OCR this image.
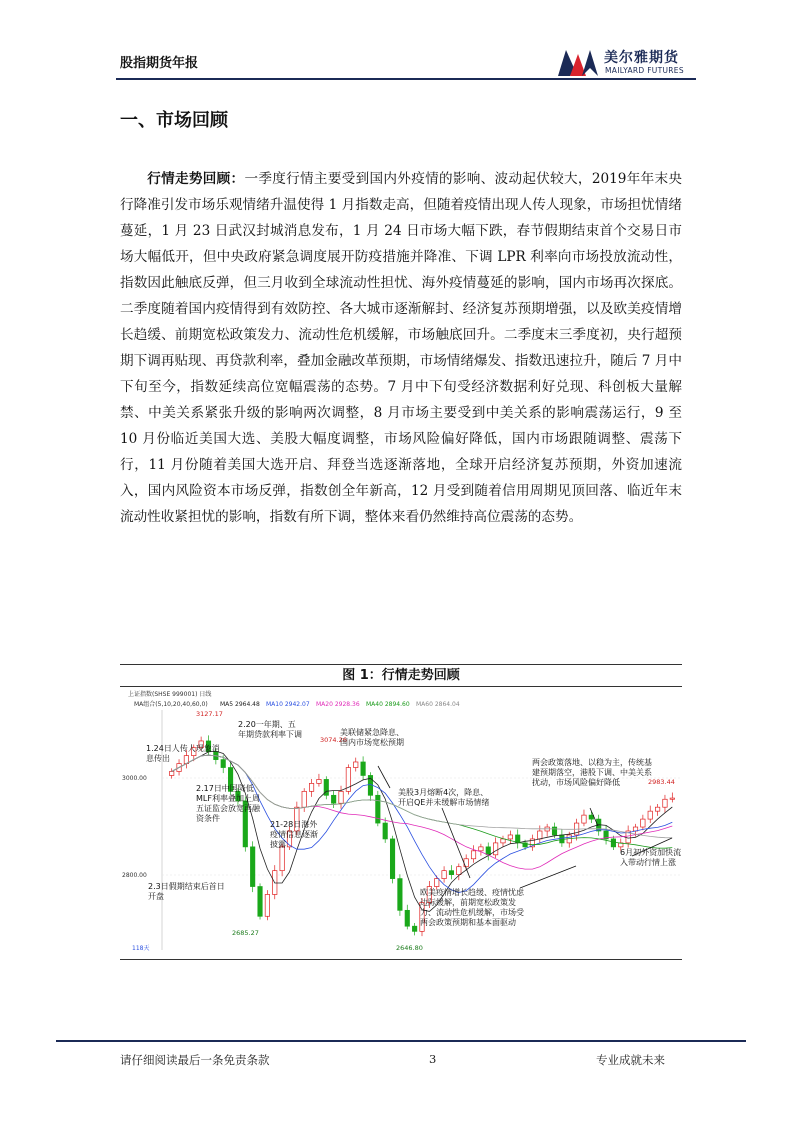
股指期货年报	美尔雅期货
MAILYARD FUTURES
一、市场回顾
行情走势回顾：一季度行情主要受到国内外疫情的影响、波动起伏较大，2019年年末央行降准引发市场乐观情绪升温使得 1 月指数走高，但随着疫情出现人传人现象，市场担忧情绪蔓延，1 月 23 日武汉封城消息发布，1 月 24 日市场大幅下跌，春节假期结束首个交易日市场大幅低开，但中央政府紧急调度展开防疫措施并降准、下调 LPR 利率向市场投放流动性，指数因此触底反弹，但三月收到全球流动性担忧、海外疫情蔓延的影响，国内市场再次探底。二季度随着国内疫情得到有效防控、各大城市逐渐解封、经济复苏预期增强，以及欧美疫情增长趋缓、前期宽松政策发力、流动性危机缓解，市场触底回升。二季度末三季度初，央行超预期下调再贴现、再贷款利率，叠加金融改革预期，市场情绪爆发、指数迅速拉升，随后 7 月中下旬至今，指数延续高位宽幅震荡的态势。7 月中下旬受经济数据利好兑现、科创板大量解禁、中美关系紧张升级的影响两次调整，8 月市场主要受到中美关系的影响震荡运行，9 至 10 月份临近美国大选、美股大幅度调整，市场风险偏好降低，国内市场跟随调整、震荡下行，11 月份随着美国大选开启、拜登当选逐渐落地，全球开启经济复苏预期，外资加速流入，国内风险资本市场反弹，指数创全年新高，12 月受到随着信用周期见顶回落、临近年末流动性收紧担忧的影响，指数有所下调，整体来看仍然维持高位震荡的态势。
图 1：行情走势回顾
上证指数(SHSE 999001) 日线
MA组合(5,10,20,40,60,0) MA5 2964.48 MA10 2942.07 MA20 2928.36 MA40 2894.60 MA60 2864.04
3000.00
2800.00
118天
3127.17
2685.27
3074.26
2646.80
2983.44
1.24日人传人现象消息传出
2.17日中国降低MLF利率叠加上周五证监会放宽再融资条件
2.20一年期、五年期贷款利率下调
21-28日海外疫情信息逐渐披露
美联储紧急降息、国内市场宽松预期
美股3月熔断4次，降息、开启QE并未缓解市场情绪
两会政策落地、以稳为主，传统基建预期落空，港股下调、中美关系扰动，市场风险偏好降低
6月初外资加快流入带动行情上涨
2.3日假期结束后首日开盘	欧美疫情增长趋缓、疫情忧虑边际缓解，前期宽松政策发力、流动性危机缓解，市场受两会政策预期和基本面驱动
请仔细阅读最后一条免责条款	3	专业成就未来
